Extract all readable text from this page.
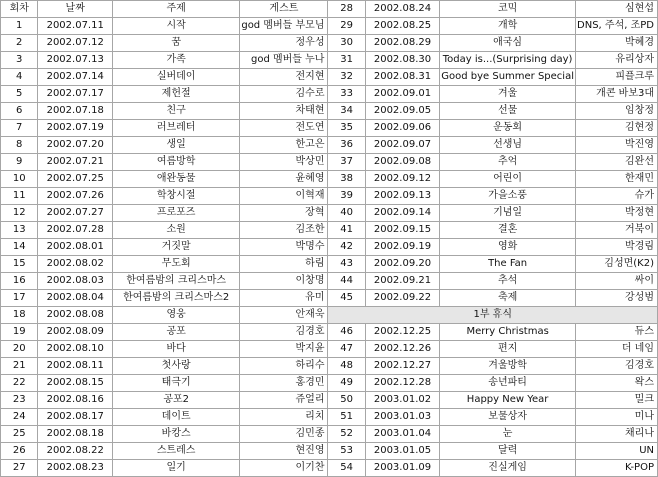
회차	날짜	주제	게스트	28	2002.08.24	코믹	심현섭
1	2002.07.11	시작	god 멤버들 부모님	29	2002.08.25	개학	DNS, 주석, 조PD
2	2002.07.12	꿈	정우성	30	2002.08.29	애국심	박혜경
3	2002.07.13	가족	god 멤버들 누나	31	2002.08.30	Today is...(Surprising day)	유리상자
4	2002.07.14	실버데이	전지현	32	2002.08.31	Good bye Summer Special	피플크루
5	2002.07.17	제헌절	김수로	33	2002.09.01	겨울	개콘 바보3대
6	2002.07.18	친구	차태현	34	2002.09.05	선물	임창정
7	2002.07.19	러브레터	전도연	35	2002.09.06	운동회	김현정
8	2002.07.20	생일	한고은	36	2002.09.07	선생님	박진영
9	2002.07.21	여름방학	박상민	37	2002.09.08	추억	김완선
10	2002.07.25	애완동물	윤혜영	38	2002.09.12	어린이	한재민
11	2002.07.26	학창시절	이혁재	39	2002.09.13	가을소풍	슈가
12	2002.07.27	프로포즈	장혁	40	2002.09.14	기념일	박정현
13	2002.07.28	소원	김조한	41	2002.09.15	결혼	거북이
14	2002.08.01	거짓말	박명수	42	2002.09.19	영화	박경림
15	2002.08.02	무도회	하림	43	2002.09.20	The Fan	김성면(K2)
16	2002.08.03	한여름밤의 크리스마스	이창명	44	2002.09.21	추석	싸이
17	2002.08.04	한여름밤의 크리스마스2	유미	45	2002.09.22	축제	강성범
18	2002.08.08	영웅	안재욱	1부 휴식			
19	2002.08.09	공포	김경호	46	2002.12.25	Merry Christmas	듀스
20	2002.08.10	바다	박지윤	47	2002.12.26	편지	더 네임
21	2002.08.11	첫사랑	하리수	48	2002.12.27	겨울방학	김경호
22	2002.08.15	태극기	홍경민	49	2002.12.28	송년파티	왁스
23	2002.08.16	공포2	쥬얼리	50	2003.01.02	Happy New Year	밀크
24	2002.08.17	데이트	리치	51	2003.01.03	보물상자	미나
25	2002.08.18	바캉스	김민종	52	2003.01.04	눈	채리나
26	2002.08.22	스트레스	현진영	53	2003.01.05	달력	UN
27	2002.08.23	일기	이기찬	54	2003.01.09	진실게임	K-POP
